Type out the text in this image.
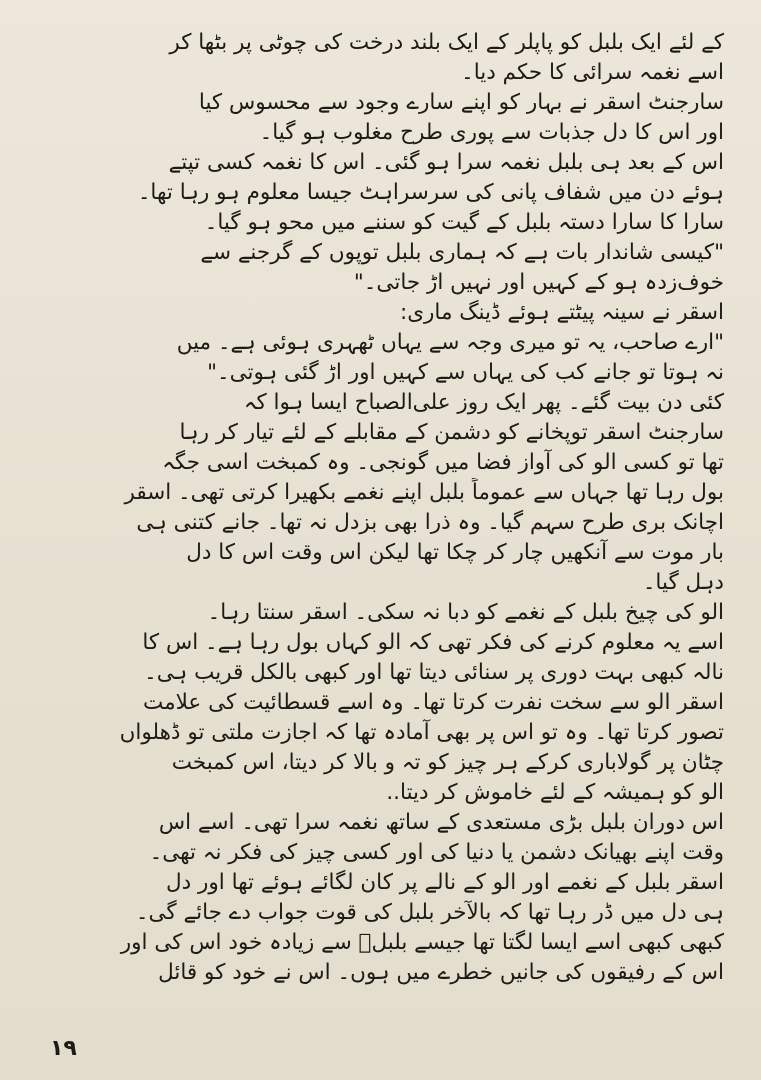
کے لئے ایک بلبل کو پاپلر کے ایک بلند درخت کی چوٹی پر بٹھا کر
اسے نغمہ سرائی کا حکم دیا۔
سارجنٹ اسقر نے بہار کو اپنے سارے وجود سے محسوس کیا
اور اس کا دل جذبات سے پوری طرح مغلوب ہو گیا۔
اس کے بعد ہی بلبل نغمہ سرا ہو گئی۔ اس کا نغمہ کسی تپتے
ہوئے دن میں شفاف پانی کی سرسراہٹ جیسا معلوم ہو رہا تھا۔
سارا کا سارا دستہ بلبل کے گیت کو سننے میں محو ہو گیا۔
"کیسی شاندار بات ہے کہ ہماری بلبل توپوں کے گرجنے سے
خوف‌زدہ ہو کے کہیں اور نہیں اڑ جاتی۔"
اسقر نے سینہ پیٹتے ہوئے ڈینگ ماری:
"ارے صاحب، یہ تو میری وجہ سے یہاں ٹھہری ہوئی ہے۔ میں
نہ ہوتا تو جانے کب کی یہاں سے کہیں اور اڑ گئی ہوتی۔"
کئی دن بیت گئے۔ پھر ایک روز علی‌الصباح ایسا ہوا کہ
سارجنٹ اسقر توپخانے کو دشمن کے مقابلے کے لئے تیار کر رہا
تھا تو کسی الو کی آواز فضا میں گونجی۔ وہ کمبخت اسی جگہ
بول رہا تھا جہاں سے عموماً بلبل اپنے نغمے بکھیرا کرتی تھی۔ اسقر
اچانک بری طرح سہم گیا۔ وہ ذرا بھی بزدل نہ تھا۔ جانے کتنی ہی
بار موت سے آنکھیں چار کر چکا تھا لیکن اس وقت اس کا دل
دہل گیا۔
الو کی چیخ بلبل کے نغمے کو دبا نہ سکی۔ اسقر سنتا رہا۔
اسے یہ معلوم کرنے کی فکر تھی کہ الو کہاں بول رہا ہے۔ اس کا
نالہ کبھی بہت دوری پر سنائی دیتا تھا اور کبھی بالکل قریب ہی۔
اسقر الو سے سخت نفرت کرتا تھا۔ وہ اسے قسطائیت کی علامت
تصور کرتا تھا۔ وہ تو اس پر بھی آمادہ تھا کہ اجازت ملتی تو ڈھلواں
چٹان پر گولاباری کرکے ہر چیز کو تہ و بالا کر دیتا، اس کمبخت
الو کو ہمیشہ کے لئے خاموش کر دیتا..
اس دوران بلبل بڑی مستعدی کے ساتھ نغمہ سرا تھی۔ اسے اس
وقت اپنے بھیانک دشمن یا دنیا کی اور کسی چیز کی فکر نہ تھی۔
اسقر بلبل کے نغمے اور الو کے نالے پر کان لگائے ہوئے تھا اور دل
ہی دل میں ڈر رہا تھا کہ بالآخر بلبل کی قوت جواب دے جائے گی۔
کبھی کبھی اسے ایسا لگتا تھا جیسے بلبلؔ سے زیادہ خود اس کی اور
اس کے رفیقوں کی جانیں خطرے میں ہوں۔ اس نے خود کو قائل
١٩
